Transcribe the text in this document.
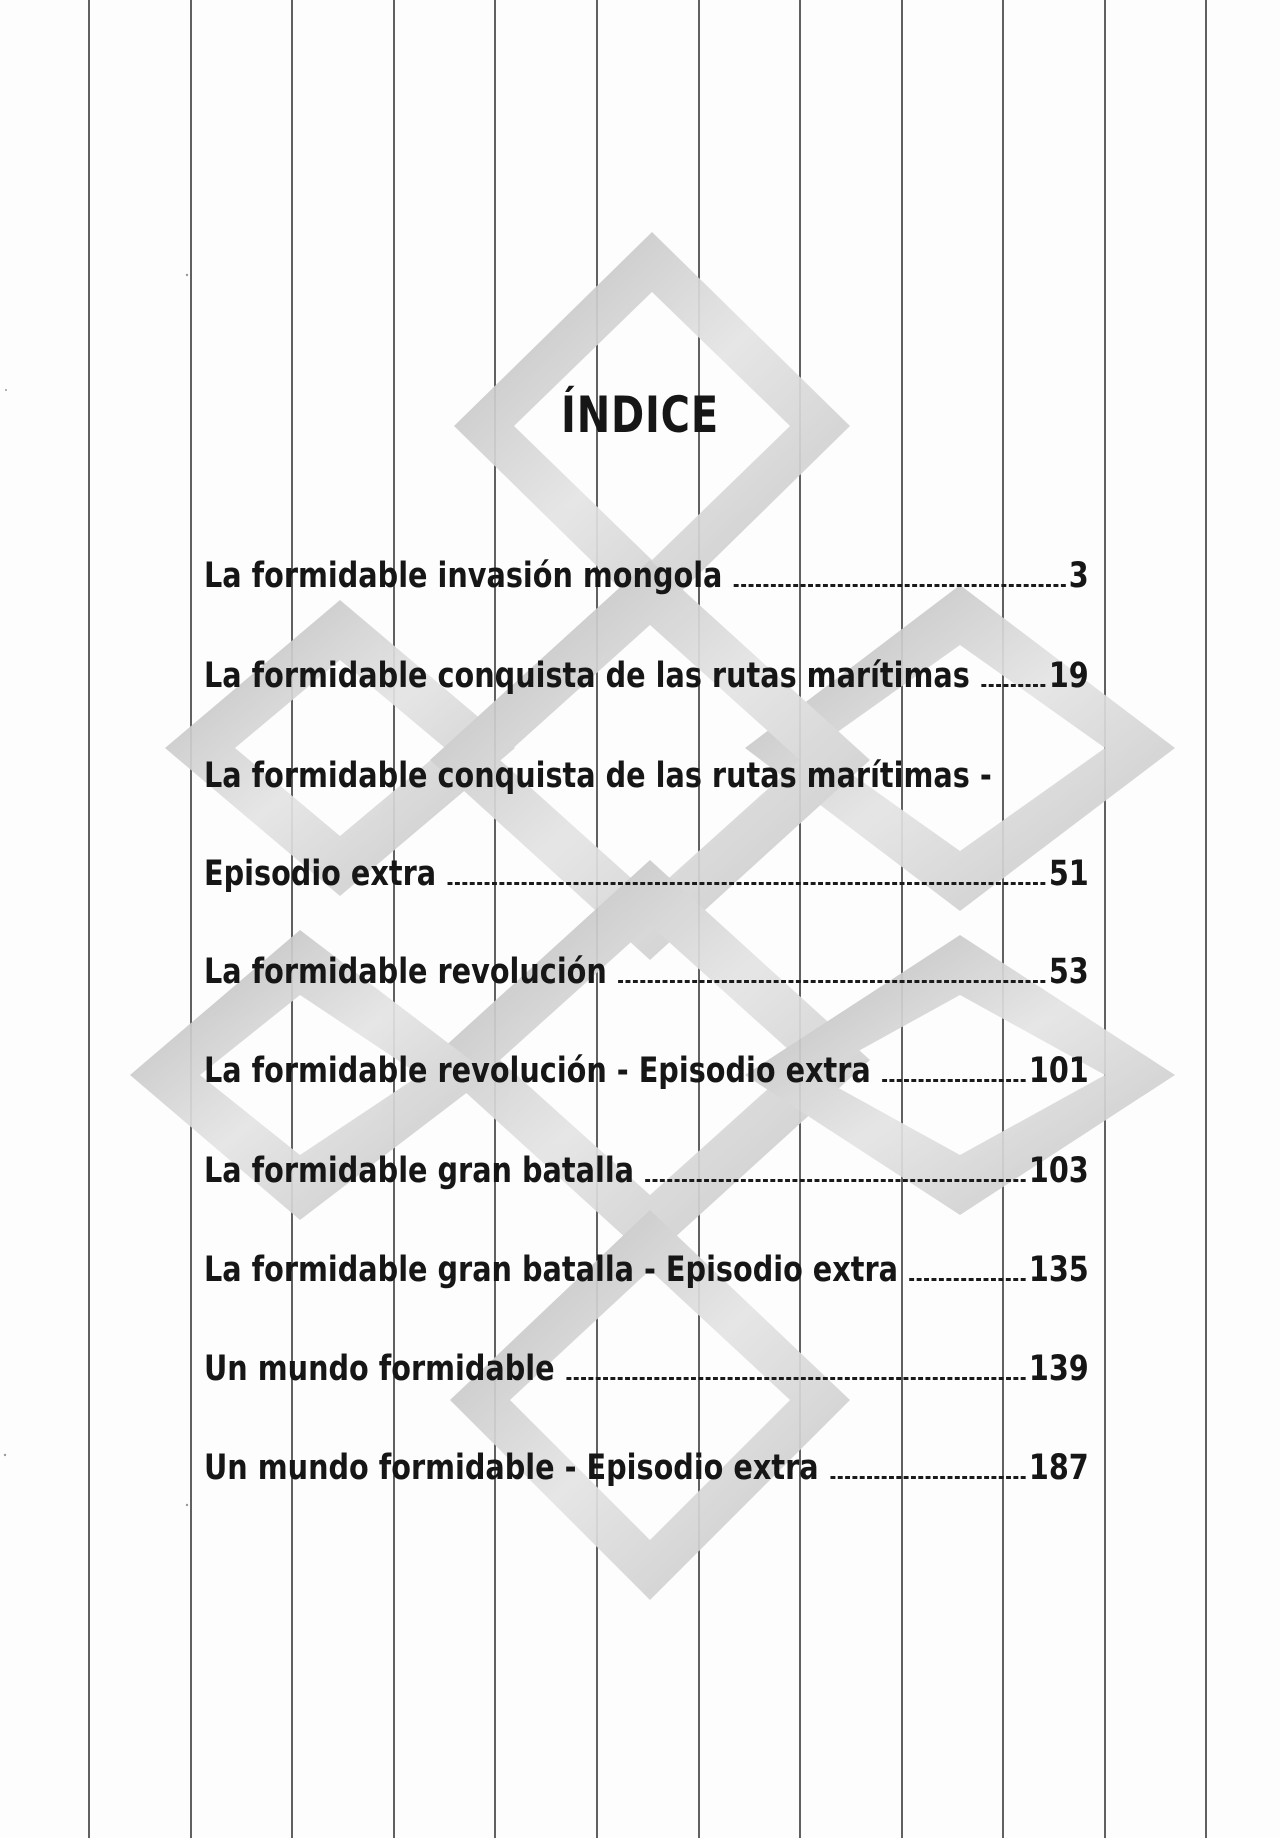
ÍNDICE
La formidable invasión mongola	3
La formidable conquista de las rutas marítimas 19
La formidable conquista de las rutas marítimas -
Episodio extra	51
La formidable revolución	53
La formidable revolución - Episodio extra	101
La formidable gran batalla	103
La formidable gran batalla - Episodio extra	135
Un mundo formidable	139
Un mundo formidable - Episodio extra	187
